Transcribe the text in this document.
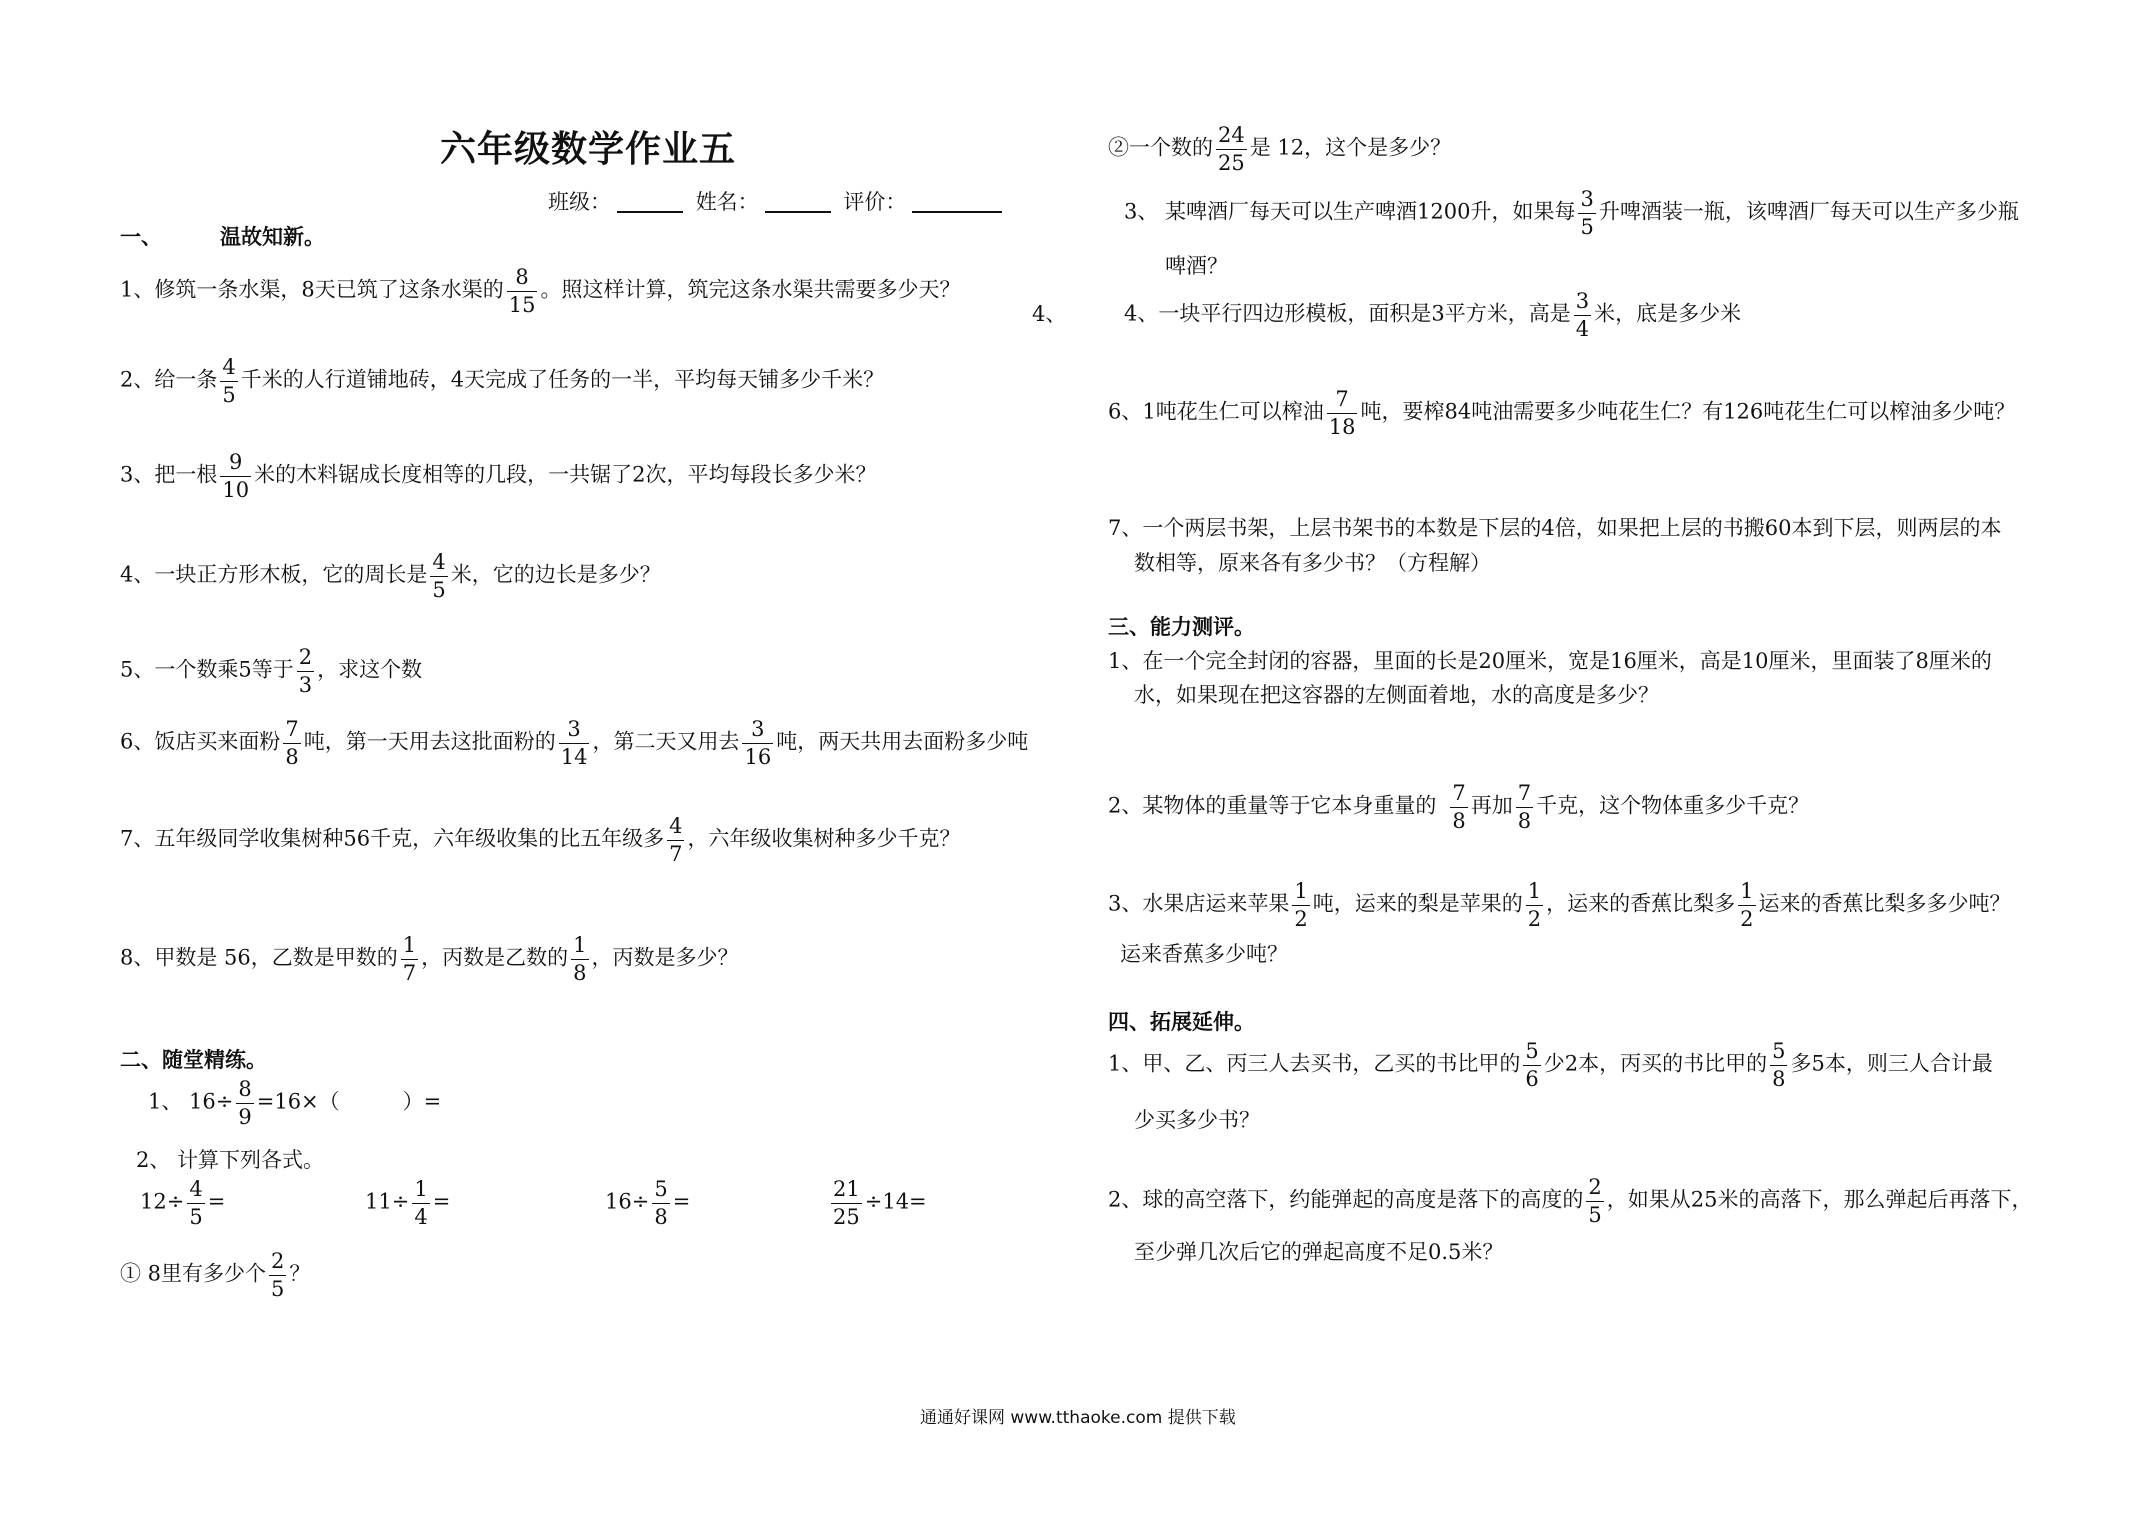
六年级数学作业五
班级：	姓名：	评价：
一、	温故知新。
1、修筑一条水渠，8天已筑了这条水渠的 $\frac{8}{15}$ 。照这样计算，筑完这条水渠共需要多少天？
2、给一条 $\frac{4}{5}$ 千米的人行道铺地砖，4天完成了任务的一半，平均每天铺多少千米？
3、把一根 $\frac{9}{10}$ 米的木料锯成长度相等的几段，一共锯了2次，平均每段长多少米？
4、一块正方形木板，它的周长是 $\frac{4}{5}$ 米，它的边长是多少？
5、一个数乘5等于 $\frac{2}{3}$ ，求这个数
6、饭店买来面粉 $\frac{7}{8}$ 吨，第一天用去这批面粉的 $\frac{3}{14}$ ，第二天又用去 $\frac{3}{16}$ 吨，两天共用去面粉多少吨
7、五年级同学收集树种56千克，六年级收集的比五年级多 $\frac{4}{7}$ ，六年级收集树种多少千克？
8、甲数是 56，乙数是甲数的 $\frac{1}{7}$ ，丙数是乙数的 $\frac{1}{8}$ ，丙数是多少？
二、随堂精练。
1、 $16\div \frac{8}{9} =16\times$（　　　）=
2、 计算下列各式。
$12\div \frac{4}{5}$ =	$11\div \frac{1}{4}$ =	$16\div \frac{5}{8}$ =	$\frac{21}{25} \div 14=$
① 8里有多少个 $\frac{2}{5}$ ？
②一个数的 $\frac{24}{25}$ 是 12，这个是多少？
3、 某啤酒厂每天可以生产啤酒1200升，如果每 $\frac{3}{5}$ 升啤酒装一瓶，该啤酒厂每天可以生产多少瓶
啤酒？
4、	4、一块平行四边形模板，面积是3平方米，高是 $\frac{3}{4}$ 米，底是多少米
6、1吨花生仁可以榨油 $\frac{7}{18}$ 吨，要榨84吨油需要多少吨花生仁？有126吨花生仁可以榨油多少吨？
7、一个两层书架，上层书架书的本数是下层的4倍，如果把上层的书搬60本到下层，则两层的本
数相等，原来各有多少书？（方程解）
三、能力测评。
1、在一个完全封闭的容器，里面的长是20厘米，宽是16厘米，高是10厘米，里面装了8厘米的
水，如果现在把这容器的左侧面着地，水的高度是多少？
2、某物体的重量等于它本身重量的 $\frac{7}{8}$ 再加 $\frac{7}{8}$ 千克，这个物体重多少千克？
3、水果店运来苹果 $\frac{1}{2}$ 吨，运来的梨是苹果的 $\frac{1}{2}$ ，运来的香蕉比梨多 $\frac{1}{2}$ 运来的香蕉比梨多多少吨？
运来香蕉多少吨？
四、拓展延伸。
1、甲、乙、丙三人去买书，乙买的书比甲的 $\frac{5}{6}$ 少2本，丙买的书比甲的 $\frac{5}{8}$ 多5本，则三人合计最
少买多少书？
2、球的高空落下，约能弹起的高度是落下的高度的 $\frac{2}{5}$ ，如果从25米的高落下，那么弹起后再落下，
至少弹几次后它的弹起高度不足0.5米？
通通好课网 www.tthaoke.com 提供下载
